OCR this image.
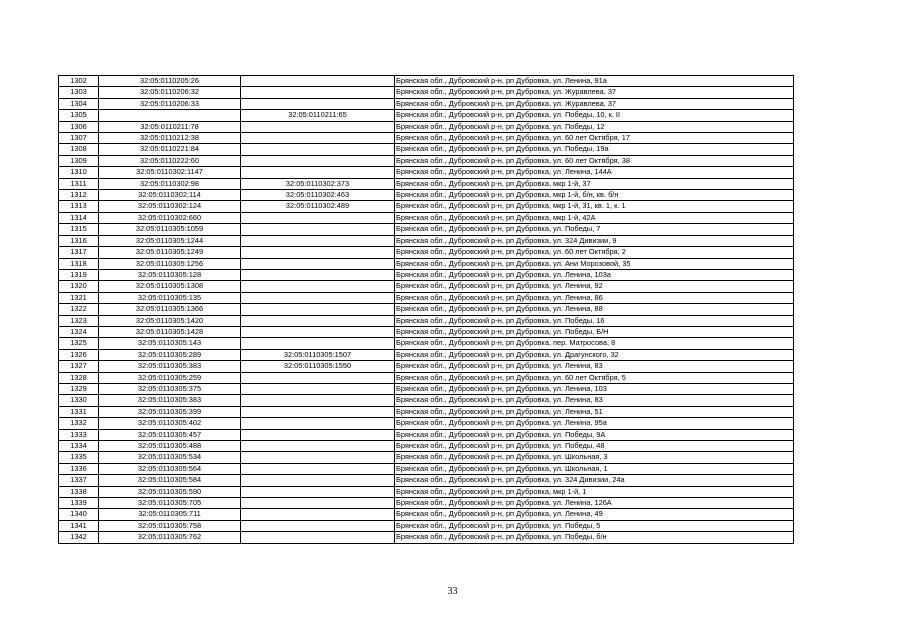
1302	32:05:0110205:26		Брянская обл., Дубровский р-н, рп Дубровка, ул. Ленина, 91а
1303	32:05:0110206:32		Брянская обл., Дубровский р-н, рп Дубровка, ул. Журавлева, 37
1304	32:05:0110206:33		Брянская обл., Дубровский р-н, рп Дубровка, ул. Журавлева, 37
1305		32:05:0110211:65	Брянская обл., Дубровский р-н, рп Дубровка, ул. Победы, 10, к. II
1306	32:05:0110211:78		Брянская обл., Дубровский р-н, рп Дубровка, ул. Победы, 12
1307	32:05:0110212:38		Брянская обл., Дубровский р-н, рп Дубровка, ул. 60 лет Октября, 17
1308	32:05:0110221:84		Брянская обл., Дубровский р-н, рп Дубровка, ул. Победы, 19а
1309	32:05:0110222:60		Брянская обл., Дубровский р-н, рп Дубровка, ул. 60 лет Октября, 38
1310	32:05:0110302:1147		Брянская обл., Дубровский р-н, рп Дубровка, ул. Ленина, 144А
1311	32:05:0110302:98	32:05:0110302:373	Брянская обл., Дубровский р-н, рп Дубровка, мкр 1-й, 37
1312	32:05:0110302:114	32:05:0110302:463	Брянская обл., Дубровский р-н, рп Дубровка, мкр 1-й, б/н, кв. б/н
1313	32:05:0110302:124	32:05:0110302:489	Брянская обл., Дубровский р-н, рп Дубровка, мкр 1-й, 31, кв. 1, к. 1
1314	32:05:0110302:660		Брянская обл., Дубровский р-н, рп Дубровка, мкр 1-й, 42А
1315	32:05:0110305:1059		Брянская обл., Дубровский р-н, рп Дубровка, ул. Победы, 7
1316	32:05:0110305:1244		Брянская обл., Дубровский р-н, рп Дубровка, ул. 324 Дивизии, 9
1317	32:05:0110305:1249		Брянская обл., Дубровский р-н, рп Дубровка, ул. 60 лет Октября, 2
1318	32:05:0110305:1256		Брянская обл., Дубровский р-н, рп Дубровка, ул. Ани Морозовой, 35
1319	32:05:0110305:128		Брянская обл., Дубровский р-н, рп Дубровка, ул. Ленина, 103а
1320	32:05:0110305:1308		Брянская обл., Дубровский р-н, рп Дубровка, ул. Ленина, 92
1321	32:05:0110305:135		Брянская обл., Дубровский р-н, рп Дубровка, ул. Ленина, 86
1322	32:05:0110305:1366		Брянская обл., Дубровский р-н, рп Дубровка, ул. Ленина, 88
1323	32:05:0110305:1420		Брянская обл., Дубровский р-н, рп Дубровка, ул. Победы, 16
1324	32:05:0110305:1428		Брянская обл., Дубровский р-н, рп Дубровка, ул. Победы, Б/Н
1325	32:05:0110305:143		Брянская обл., Дубровский р-н, рп Дубровка, пер. Матросова, 8
1326	32:05:0110305:289	32:05:0110305:1507	Брянская обл., Дубровский р-н, рп Дубровка, ул. Драгунского, 32
1327	32:05:0110305:383	32:05:0110305:1550	Брянская обл., Дубровский р-н, рп Дубровка, ул. Ленина, 83
1328	32:05:0110305:259		Брянская обл., Дубровский р-н, рп Дубровка, ул. 60 лет Октября, 5
1329	32:05:0110305:375		Брянская обл., Дубровский р-н, рп Дубровка, ул. Ленина, 103
1330	32:05:0110305:383		Брянская обл., Дубровский р-н, рп Дубровка, ул. Ленина, 83
1331	32:05:0110305:399		Брянская обл., Дубровский р-н, рп Дубровка, ул. Ленина, 51
1332	32:05:0110305:402		Брянская обл., Дубровский р-н, рп Дубровка, ул. Ленина, 95а
1333	32:05:0110305:457		Брянская обл., Дубровский р-н, рп Дубровка, ул. Победы, 9А
1334	32:05:0110305:488		Брянская обл., Дубровский р-н, рп Дубровка, ул. Победы, 48
1335	32:05:0110305:534		Брянская обл., Дубровский р-н, рп Дубровка, ул. Школьная, 3
1336	32:05:0110305:564		Брянская обл., Дубровский р-н, рп Дубровка, ул. Школьная, 1
1337	32:05:0110305:584		Брянская обл., Дубровский р-н, рп Дубровка, ул. 324 Дивизии, 24а
1338	32:05:0110305:590		Брянская обл., Дубровский р-н, рп Дубровка, мкр 1-й, 1
1339	32:05:0110305:705		Брянская обл., Дубровский р-н, рп Дубровка, ул. Ленина, 126А
1340	32:05:0110305:711		Брянская обл., Дубровский р-н, рп Дубровка, ул. Ленина, 49
1341	32:05:0110305:758		Брянская обл., Дубровский р-н, рп Дубровка, ул. Победы, 5
1342	32:05:0110305:762		Брянская обл., Дубровский р-н, рп Дубровка, ул. Победы, б/н
33
